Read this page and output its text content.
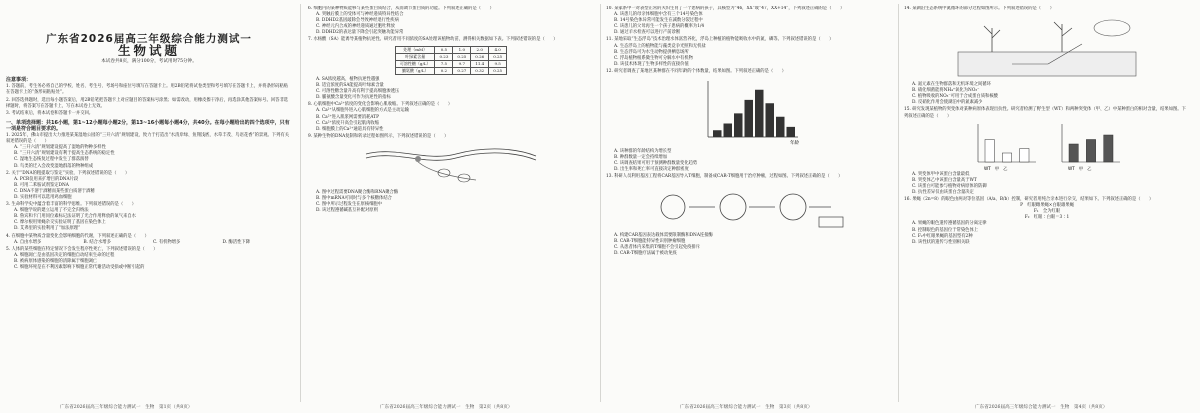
广东省2026届高三年级综合能力测试一
生物试题
本试卷共8页，满分100分，考试用时75分钟。
注意事项：
1. 答题前，考生务必将自己的学校、姓名、考生号、考场号和座位号填写在答题卡上。用2B铅笔将试卷类型和考号填写在答题卡上，并将条形码粘贴在答题卡上的“条形码粘贴处”。
2. 回答选择题时，选出每小题答案后，用2B铅笔把答题卡上对应题目的答案标号涂黑；如需改动，用橡皮擦干净后，再选涂其他答案标号。回答非选择题时，将答案写在答题卡上，写在本试卷上无效。
3. 考试结束后，将本试卷和答题卡一并交回。
一、单项选择题：共16小题，第1~12小题每小题2分，第13~16小题每小题4分，共40分。在每小题给出的四个选项中，只有一项是符合题目要求的。
1. 2025年，佛山市提出大力推进某某湿地公园的“三开六清”规划建设，致力于打造出“水清岸绿、鱼翔浅底、水草丰茂、鸟语花香”的景观。下列有关叙述错误的是（　　）
A. “三开六清”规划建设提高了湿地的物种多样性
B. “三开六清”规划建设有利于提高生态系统的稳定性
C. 湿地生态恢复过程中发生了群落演替
D. 鸟类的迁入会改变湿地群落的物种组成
2. 关于“DNA的粗提取与鉴定”实验，下列叙述错误的是（　　）
A. PCR仪用来扩增目的DNA片段
B. 可用二苯胺试剂鉴定DNA
C. DNA不溶于酒精而某些蛋白质溶于酒精
D. 实验材料可以选用鸡血细胞
3. 生命科学史中蕴含着丰富的科学思维。下列叙述错误的是（　　）
A. 细胞学说的建立运用了不完全归纳法
B. 鲁宾和卡门用同位素标记法证明了光合作用释放的氧气来自水
C. 摩尔根用果蝇杂交实验证明了基因在染色体上
D. 艾弗里的实验利用了“加法原理”
4. 在细胞中某物质含量变化会影响细胞的代谢，下列叙述正确的是（　　）
A. 自由水增多	B. 结合水增多	C. 有机物增多	D. 酶活性下降
5. 人体的某些细胞在特定情况下会发生程序性死亡，下列叙述错误的是（　　）
A. 细胞凋亡是由基因决定的细胞自动结束生命的过程
B. 被病原体感染的细胞的清除属于细胞凋亡
C. 细胞坏死是在不利因素影响下细胞正常代谢活动受损或中断引起的
6. 细胞内的某种物质能够与某些蛋白质结合，从而调节蛋白质的功能。下列叙述正确的是（　　）
A. 突触后膜上的受体可与神经递质特异性结合
B. DDHD2基因敲除会导致神经退行性疾病
C. 神经元内合成的神经递质通过胞吐释放
D. DDHD2的表达量下降会引起突触功能异常
7. 水杨酸（SA）能诱导某植物抗逆性。研究者用不同浓度的SA处理该植物幼苗，测得相关数据如下表。下列叙述错误的是（　　）
处理（mM）	0.5	1.0	2.0	4.0
叶绿素含量	0.23	0.25	0.26	0.25
可溶性糖（g/L）	7.5	9.7	11.4	9.5
脯氨酸（g/L）	0.2	0.27	0.32	0.25
A. SA浓度越高，植物抗逆性越强
B. 适宜浓度的SA能提高叶绿素含量
C. 可溶性糖含量升高有利于提高细胞渗透压
D. 脯氨酸含量变化可作为抗逆性的指标
8. 心肌细胞中Ca²⁺浓度的变化会影响心肌收缩。下列叙述正确的是（　　）
A. Ca²⁺从细胞外进入心肌细胞的方式是主动运输
B. Ca²⁺进入肌浆网需要消耗ATP
C. Ca²⁺浓度升高会引起肌肉收缩
D. 细胞膜上的Ca²⁺通道具有特异性
9. 某种生物的DNA复制和转录过程如图所示，下列叙述错误的是（　　）
A. 图中过程需要DNA聚合酶和RNA聚合酶
B. 图中mRNA可同时与多个核糖体结合
C. 图中所示过程发生在原核细胞中
D. 该过程遵循碱基互补配对原则
10. 某家系中一对表型正常的夫妇生育了一个患病的孩子，其核型为“46，XX”或“47，XX+14”，下列叙述正确的是（　　）
A. 该患儿的母亲体细胞中含有三个14号染色体
B. 14号染色体异常可能发生在减数分裂过程中
C. 该患儿的父母再生一个孩子患病的概率为1/4
D. 通过羊水检查可以进行产前诊断
11. 某地采取“生态浮岛”技术治理水体富营养化，浮岛上种植的植物能吸收水中的氮、磷等。下列叙述错误的是（　　）
A. 生态浮岛上的植物能与藻类竞争光照和无机盐
B. 生态浮岛可为水生动物提供栖息场所
C. 浮岛植物根系微生物可分解水中有机物
D. 该技术体现了生物多样性的直接价值
12. 研究者调查了某地区某种群在不同年龄的个体数量，结果如图。下列叙述正确的是（　　）
年龄
A. 该种群的年龄结构为增长型
B. 种群数量一定会持续增加
C. 该调查结果可用于预测种群数量变化趋势
D. 出生率和死亡率可直接决定种群密度
13. 科研人员利用基因工程将CAR基因导入T细胞，制备成CAR-T细胞用于治疗肿瘤，过程如图。下列叙述正确的是（　　）
A. 构建CAR基因表达载体需要限制酶和DNA连接酶
B. CAR-T细胞能特异性识别肿瘤细胞
C. 从患者体内采集的T细胞不会引起免疫排斥
D. CAR-T细胞疗法属于被动免疫
14. 某湖泊生态系统中氮循环的部分过程如图所示。下列叙述错误的是（　　）
A. 氮元素在生物群落和无机环境之间循环
B. 硝化细菌能将NH₄⁺氧化为NO₃⁻
C. 植物吸收的NO₃⁻可用于合成蛋白质和核酸
D. 反硝化作用会使湖泊中的氮素减少
15. 研究发现某植物的突变体对某种病原体表现出抗性。研究者检测了野生型（WT）和两种突变体（甲、乙）中某种蛋白的相对含量，结果如图。下列叙述正确的是（　　）
WT　甲　乙	WT　甲　乙
A. 突变体甲中该蛋白含量最低
B. 突变体乙中该蛋白含量高于WT
C. 该蛋白可能参与植物对病原体的防御
D. 抗性差异仅由该蛋白含量决定
16. 果蝇（2n=8）的眼色由两对等位基因（A/a、B/b）控制，研究者用纯合亲本进行杂交，结果如下。下列叙述正确的是（　　）
P　红眼雌果蝇×白眼雄果蝇
F₁　全为红眼
F₂　红眼∶白眼＝3∶1
A. 果蝇的眼色遗传遵循基因的分离定律
B. 控制眼色的基因位于常染色体上
C. F₂中红眼果蝇的基因型有2种
D. 该性状的遗传与性别相关联
广东省2026届高三年级综合能力测试一　生物　第1页（共8页）	广东省2026届高三年级综合能力测试一　生物　第2页（共8页）	广东省2026届高三年级综合能力测试一　生物　第3页（共8页）	广东省2026届高三年级综合能力测试一　生物　第4页（共8页）
